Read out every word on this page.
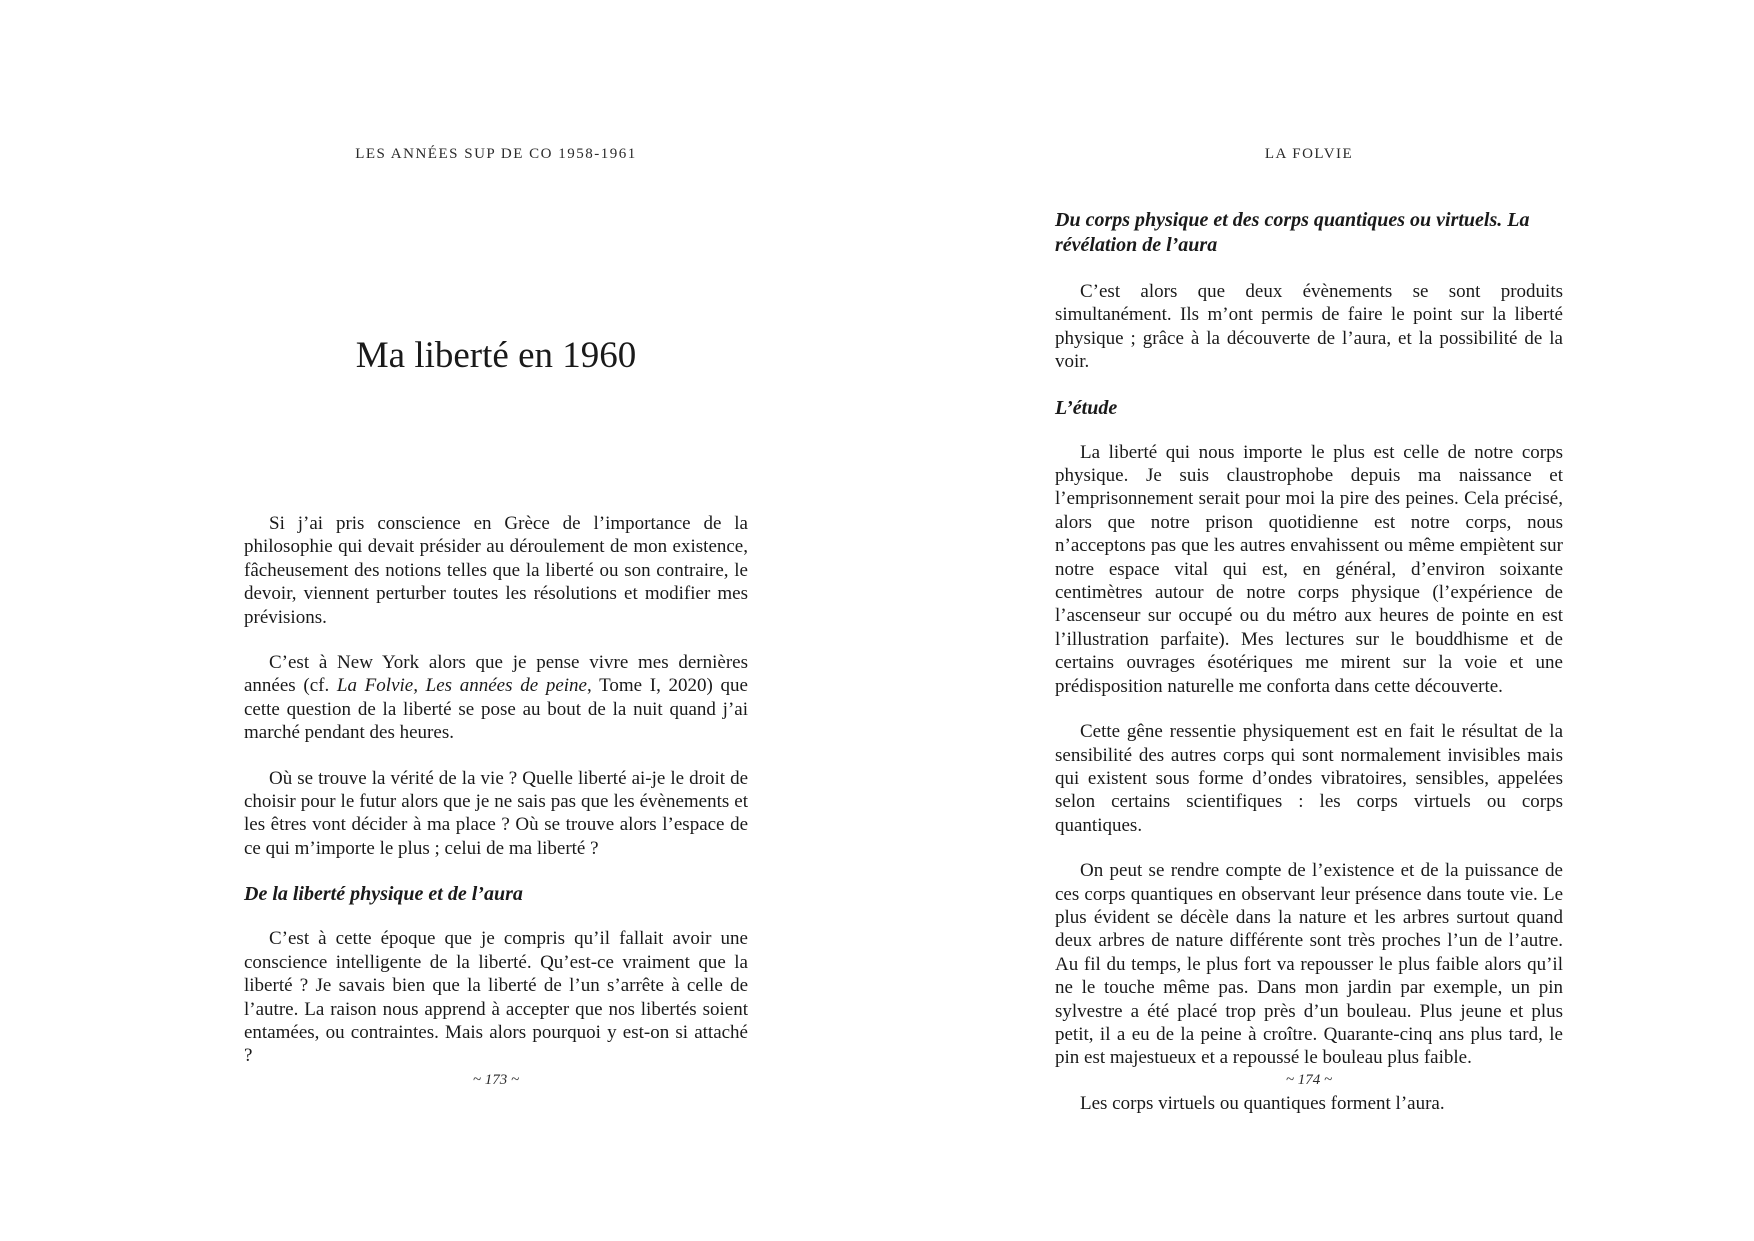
LES ANNÉES SUP DE CO 1958-1961
Ma liberté en 1960

Si j’ai pris conscience en Grèce de l’importance de la philosophie qui devait présider au déroulement de mon existence, fâcheusement des notions telles que la liberté ou son contraire, le devoir, viennent perturber toutes les résolutions et modifier mes prévisions.

C’est à New York alors que je pense vivre mes dernières années (cf. La Folvie, Les années de peine, Tome I, 2020) que cette question de la liberté se pose au bout de la nuit quand j’ai marché pendant des heures.

Où se trouve la vérité de la vie ? Quelle liberté ai-je le droit de choisir pour le futur alors que je ne sais pas que les évènements et les êtres vont décider à ma place ? Où se trouve alors l’espace de ce qui m’importe le plus ; celui de ma liberté ?

De la liberté physique et de l’aura

C’est à cette époque que je compris qu’il fallait avoir une conscience intelligente de la liberté. Qu’est-ce vraiment que la liberté ? Je savais bien que la liberté de l’un s’arrête à celle de l’autre. La raison nous apprend à accepter que nos libertés soient entamées, ou contraintes. Mais alors pourquoi y est-on si attaché ?

~ 173 ~
LA FOLVIE
Du corps physique et des corps quantiques ou virtuels. La révélation de l’aura

C’est alors que deux évènements se sont produits simultanément. Ils m’ont permis de faire le point sur la liberté physique ; grâce à la découverte de l’aura, et la possibilité de la voir.

L’étude

La liberté qui nous importe le plus est celle de notre corps physique. Je suis claustrophobe depuis ma naissance et l’emprisonnement serait pour moi la pire des peines. Cela précisé, alors que notre prison quotidienne est notre corps, nous n’acceptons pas que les autres envahissent ou même empiètent sur notre espace vital qui est, en général, d’environ soixante centimètres autour de notre corps physique (l’expérience de l’ascenseur sur occupé ou du métro aux heures de pointe en est l’illustration parfaite). Mes lectures sur le bouddhisme et de certains ouvrages ésotériques me mirent sur la voie et une prédisposition naturelle me conforta dans cette découverte.

Cette gêne ressentie physiquement est en fait le résultat de la sensibilité des autres corps qui sont normalement invisibles mais qui existent sous forme d’ondes vibratoires, sensibles, appelées selon certains scientifiques : les corps virtuels ou corps quantiques.

On peut se rendre compte de l’existence et de la puissance de ces corps quantiques en observant leur présence dans toute vie. Le plus évident se décèle dans la nature et les arbres surtout quand deux arbres de nature différente sont très proches l’un de l’autre. Au fil du temps, le plus fort va repousser le plus faible alors qu’il ne le touche même pas. Dans mon jardin par exemple, un pin sylvestre a été placé trop près d’un bouleau. Plus jeune et plus petit, il a eu de la peine à croître. Quarante-cinq ans plus tard, le pin est majestueux et a repoussé le bouleau plus faible.

Les corps virtuels ou quantiques forment l’aura.

~ 174 ~
